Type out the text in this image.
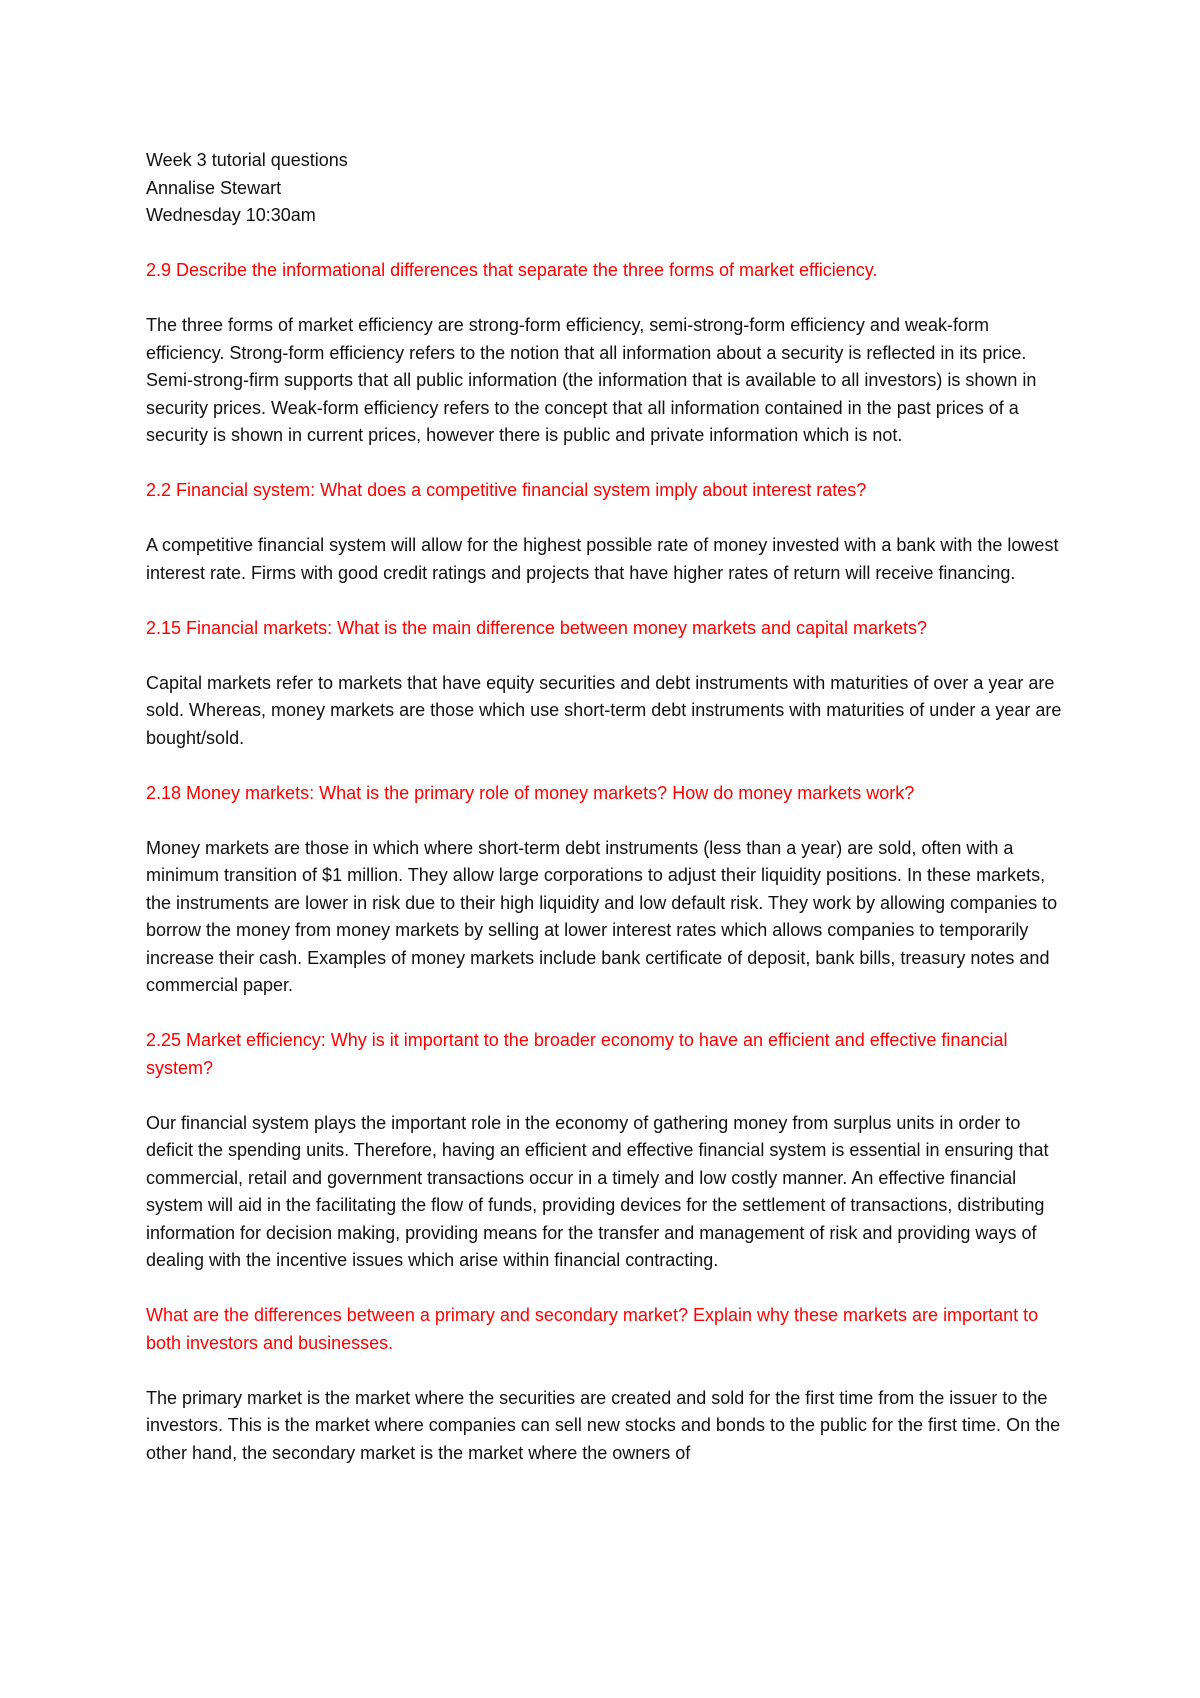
Week 3 tutorial questions
Annalise Stewart
Wednesday 10:30am

2.9 Describe the informational differences that separate the three forms of market efficiency.

The three forms of market efficiency are strong-form efficiency, semi-strong-form efficiency and weak-form efficiency. Strong-form efficiency refers to the notion that all information about a security is reflected in its price. Semi-strong-firm supports that all public information (the information that is available to all investors) is shown in security prices. Weak-form efficiency refers to the concept that all information contained in the past prices of a security is shown in current prices, however there is public and private information which is not.

2.2 Financial system: What does a competitive financial system imply about interest rates?

A competitive financial system will allow for the highest possible rate of money invested with a bank with the lowest interest rate. Firms with good credit ratings and projects that have higher rates of return will receive financing.

2.15 Financial markets: What is the main difference between money markets and capital markets?

Capital markets refer to markets that have equity securities and debt instruments with maturities of over a year are sold. Whereas, money markets are those which use short-term debt instruments with maturities of under a year are bought/sold.

2.18 Money markets: What is the primary role of money markets? How do money markets work?

Money markets are those in which where short-term debt instruments (less than a year) are sold, often with a minimum transition of $1 million. They allow large corporations to adjust their liquidity positions. In these markets, the instruments are lower in risk due to their high liquidity and low default risk. They work by allowing companies to borrow the money from money markets by selling at lower interest rates which allows companies to temporarily increase their cash. Examples of money markets include bank certificate of deposit, bank bills, treasury notes and commercial paper.

2.25 Market efficiency: Why is it important to the broader economy to have an efficient and effective financial system?

Our financial system plays the important role in the economy of gathering money from surplus units in order to deficit the spending units. Therefore, having an efficient and effective financial system is essential in ensuring that commercial, retail and government transactions occur in a timely and low costly manner. An effective financial system will aid in the facilitating the flow of funds, providing devices for the settlement of transactions, distributing information for decision making, providing means for the transfer and management of risk and providing ways of dealing with the incentive issues which arise within financial contracting.

What are the differences between a primary and secondary market? Explain why these markets are important to both investors and businesses.

The primary market is the market where the securities are created and sold for the first time from the issuer to the investors. This is the market where companies can sell new stocks and bonds to the public for the first time. On the other hand, the secondary market is the market where the owners of
